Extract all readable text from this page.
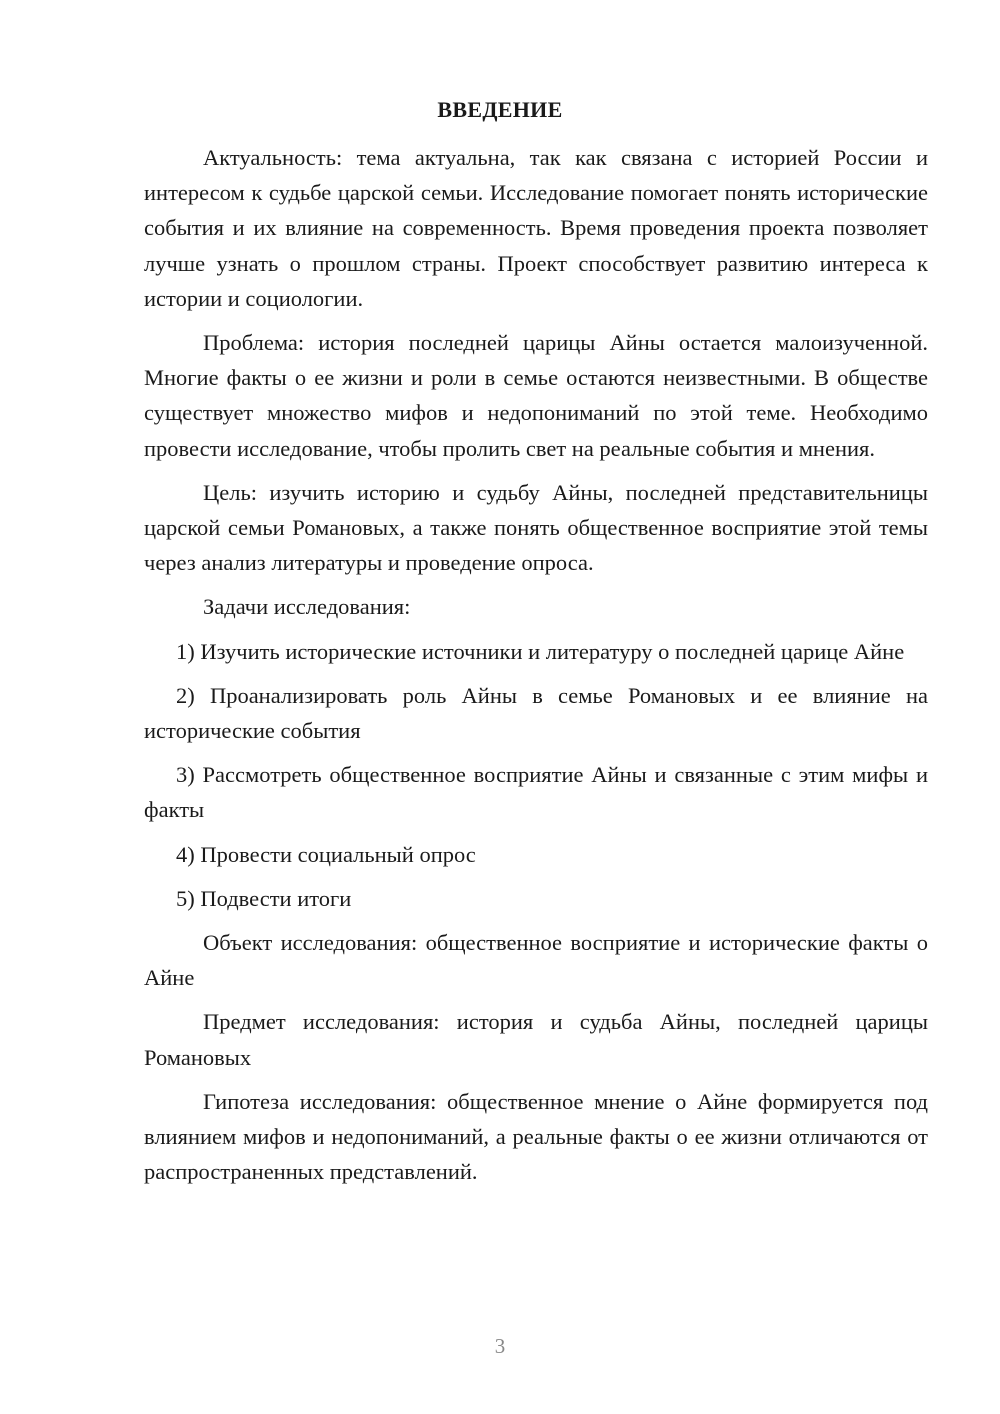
ВВЕДЕНИЕ

Актуальность: тема актуальна, так как связана с историей России и интересом к судьбе царской семьи. Исследование помогает понять исторические события и их влияние на современность. Время проведения проекта позволяет лучше узнать о прошлом страны. Проект способствует развитию интереса к истории и социологии.

Проблема: история последней царицы Айны остается малоизученной. Многие факты о ее жизни и роли в семье остаются неизвестными. В обществе существует множество мифов и недопониманий по этой теме. Необходимо провести исследование, чтобы пролить свет на реальные события и мнения.

Цель: изучить историю и судьбу Айны, последней представительницы царской семьи Романовых, а также понять общественное восприятие этой темы через анализ литературы и проведение опроса.

Задачи исследования:

1) Изучить исторические источники и литературу о последней царице Айне

2) Проанализировать роль Айны в семье Романовых и ее влияние на исторические события

3) Рассмотреть общественное восприятие Айны и связанные с этим мифы и факты

4) Провести социальный опрос

5) Подвести итоги

Объект исследования: общественное восприятие и исторические факты о Айне

Предмет исследования: история и судьба Айны, последней царицы Романовых

Гипотеза исследования: общественное мнение о Айне формируется под влиянием мифов и недопониманий, а реальные факты о ее жизни отличаются от распространенных представлений.

3
